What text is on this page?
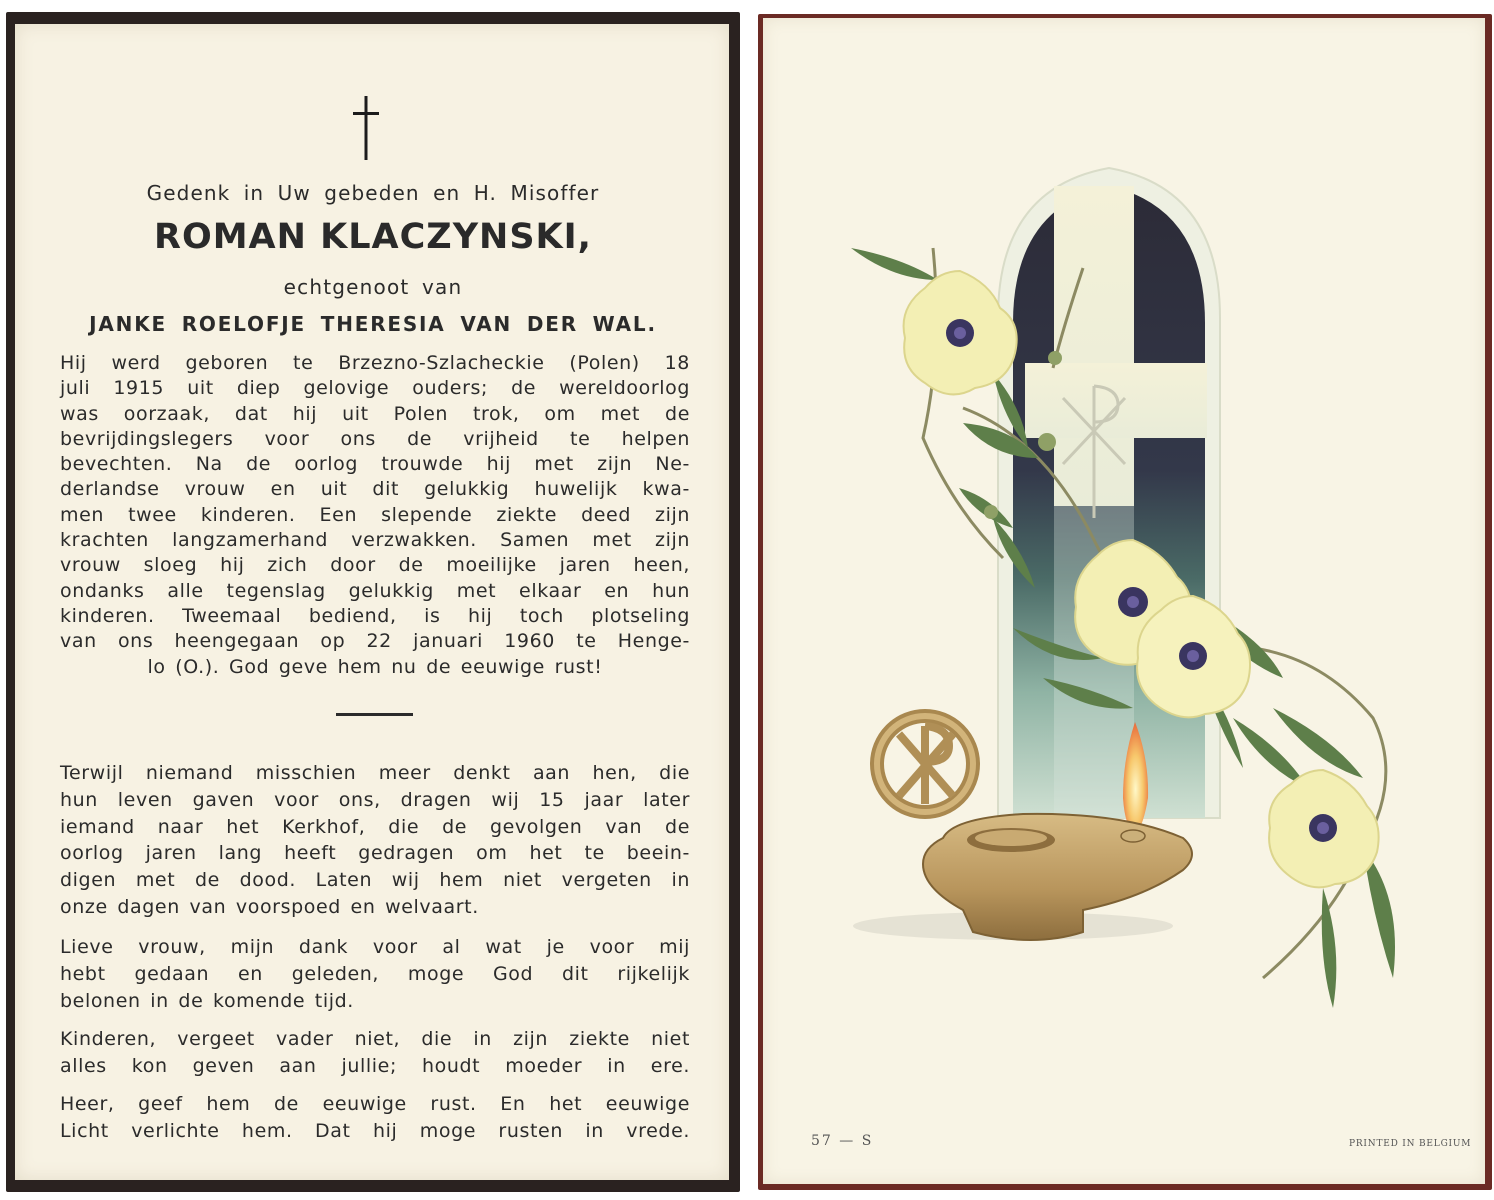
Gedenk in Uw gebeden en H. Misoffer
ROMAN KLACZYNSKI,
echtgenoot van
JANKE ROELOFJE THERESIA VAN DER WAL.
Hij werd geboren te Brzezno-Szlacheckie (Polen) 18
juli 1915 uit diep gelovige ouders; de wereldoorlog
was oorzaak, dat hij uit Polen trok, om met de
bevrijdingslegers voor ons de vrijheid te helpen
bevechten. Na de oorlog trouwde hij met zijn Ne-
derlandse vrouw en uit dit gelukkig huwelijk kwa-
men twee kinderen. Een slepende ziekte deed zijn
krachten langzamerhand verzwakken. Samen met zijn
vrouw sloeg hij zich door de moeilijke jaren heen,
ondanks alle tegenslag gelukkig met elkaar en hun
kinderen. Tweemaal bediend, is hij toch plotseling
van ons heengegaan op 22 januari 1960 te Henge-
lo (O.). God geve hem nu de eeuwige rust!
Terwijl niemand misschien meer denkt aan hen, die
hun leven gaven voor ons, dragen wij 15 jaar later
iemand naar het Kerkhof, die de gevolgen van de
oorlog jaren lang heeft gedragen om het te beein-
digen met de dood. Laten wij hem niet vergeten in
onze dagen van voorspoed en welvaart.
Lieve vrouw, mijn dank voor al wat je voor mij
hebt gedaan en geleden, moge God dit rijkelijk
belonen in de komende tijd.
Kinderen, vergeet vader niet, die in zijn ziekte niet
alles kon geven aan jullie; houdt moeder in ere.
Heer, geef hem de eeuwige rust. En het eeuwige
Licht verlichte hem. Dat hij moge rusten in vrede.	57 — S	PRINTED IN BELGIUM
